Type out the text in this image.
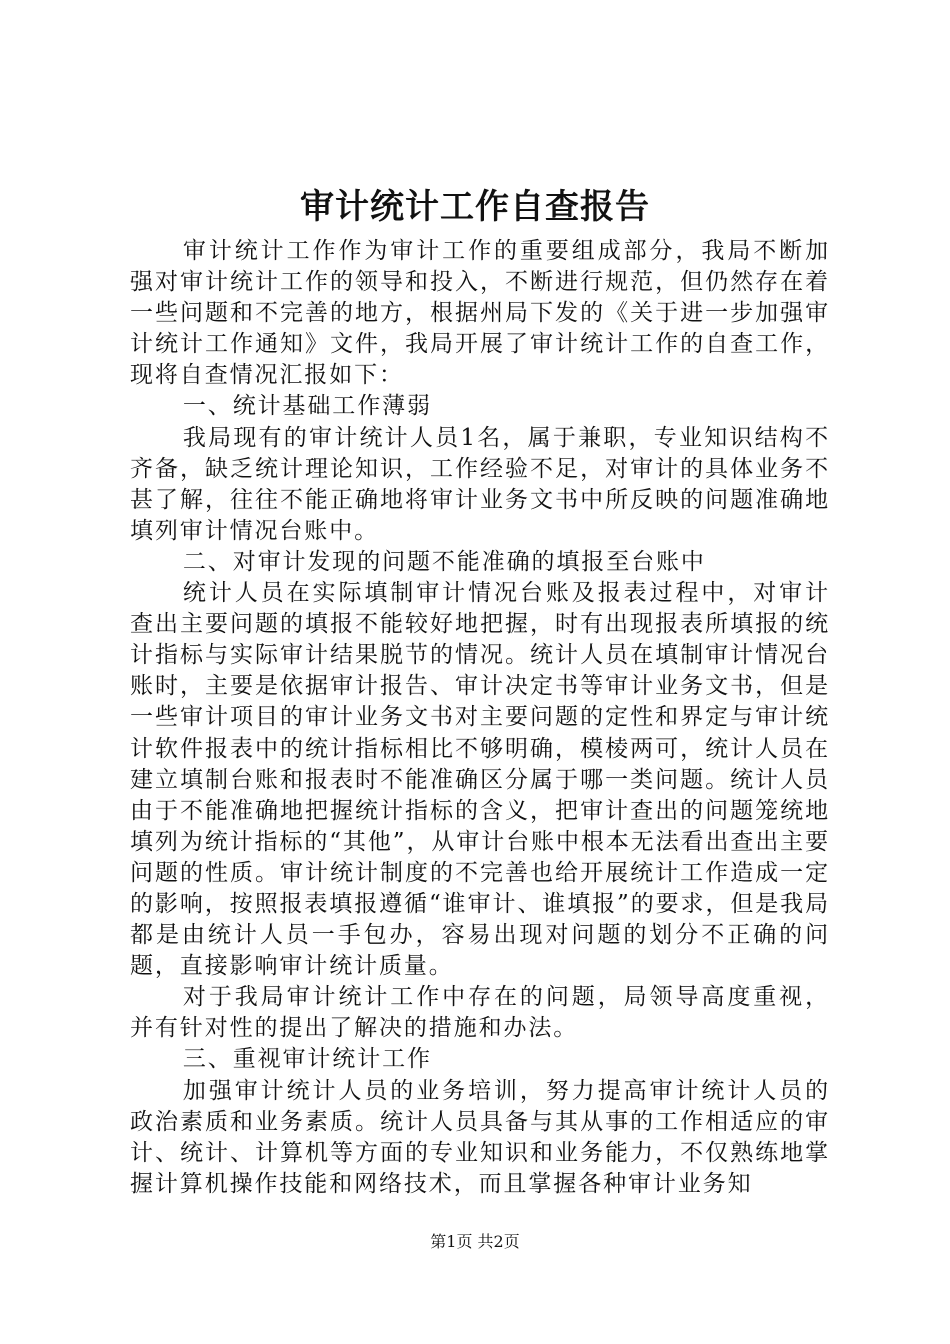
审计统计工作自查报告

审计统计工作作为审计工作的重要组成部分，我局不断加强对审计统计工作的领导和投入，不断进行规范，但仍然存在着一些问题和不完善的地方，根据州局下发的《关于进一步加强审计统计工作通知》文件，我局开展了审计统计工作的自查工作，现将自查情况汇报如下：

一、统计基础工作薄弱

我局现有的审计统计人员1名，属于兼职，专业知识结构不齐备，缺乏统计理论知识，工作经验不足，对审计的具体业务不甚了解，往往不能正确地将审计业务文书中所反映的问题准确地填列审计情况台账中。

二、对审计发现的问题不能准确的填报至台账中

统计人员在实际填制审计情况台账及报表过程中，对审计查出主要问题的填报不能较好地把握，时有出现报表所填报的统计指标与实际审计结果脱节的情况。统计人员在填制审计情况台账时，主要是依据审计报告、审计决定书等审计业务文书，但是一些审计项目的审计业务文书对主要问题的定性和界定与审计统计软件报表中的统计指标相比不够明确，模棱两可，统计人员在建立填制台账和报表时不能准确区分属于哪一类问题。统计人员由于不能准确地把握统计指标的含义，把审计查出的问题笼统地填列为统计指标的“其他”，从审计台账中根本无法看出查出主要问题的性质。审计统计制度的不完善也给开展统计工作造成一定的影响，按照报表填报遵循“谁审计、谁填报”的要求，但是我局都是由统计人员一手包办，容易出现对问题的划分不正确的问题，直接影响审计统计质量。

对于我局审计统计工作中存在的问题，局领导高度重视，并有针对性的提出了解决的措施和办法。

三、重视审计统计工作

加强审计统计人员的业务培训，努力提高审计统计人员的政治素质和业务素质。统计人员具备与其从事的工作相适应的审计、统计、计算机等方面的专业知识和业务能力，不仅熟练地掌握计算机操作技能和网络技术，而且掌握各种审计业务知

第1页 共2页
